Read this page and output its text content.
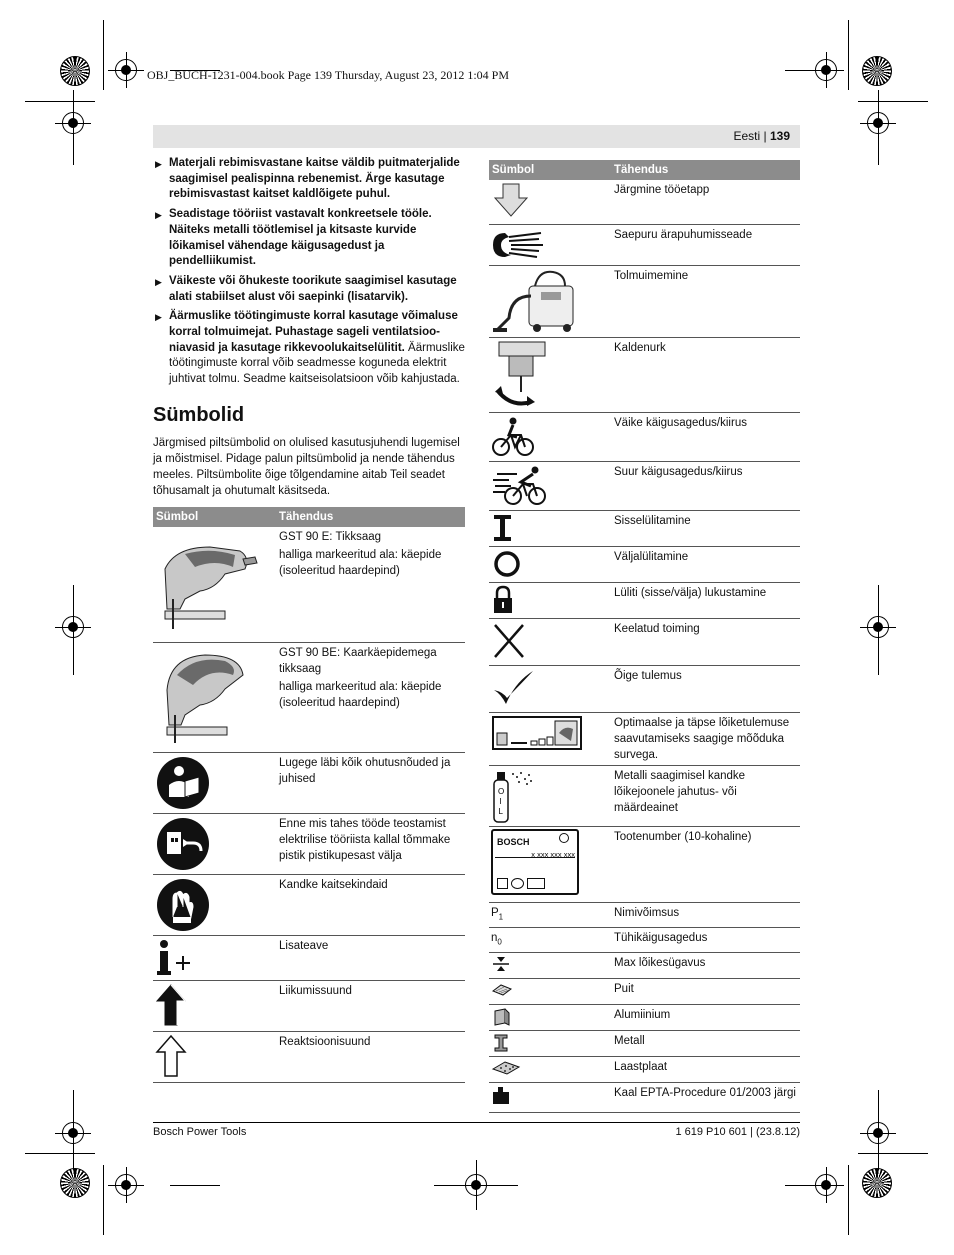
OBJ_BUCH-1231-004.book Page 139 Thursday, August 23, 2012 1:04 PM
Eesti | 139
▶ Materjali rebimisvastane kaitse väldib puitmaterjalide saagimisel pealispinna rebenemist. Ärge kasutage rebimisvastast kaitset kaldlõigete puhul.
▶ Seadistage tööriist vastavalt konkreetsele tööle. Näiteks metalli töötlemisel ja kitsaste kurvide lõikamisel vähendage käigusagedust ja pendelliikumist.
▶ Väikeste või õhukeste toorikute saagimisel kasutage alati stabiilset alust või saepinki (lisatarvik).
▶ Äärmuslike töötingimuste korral kasutage võimaluse korral tolmuimejat. Puhastage sageli ventilatsiooniavasid ja kasutage rikkevoolukaitselülitit. Äärmuslike töötingimuste korral võib seadmesse koguneda elektrit juhtivat tolmu. Seadme kaitseisolatsioon võib kahjustada.
Sümbolid
Järgmised piltsümbolid on olulised kasutusjuhendi lugemisel ja mõistmisel. Pidage palun piltsümbolid ja nende tähendus meeles. Piltsümbolite õige tõlgendamine aitab Teil seadet tõhusamalt ja ohutumalt käsitseda.
Sümbol	Tähendus

GST 90 E: Tikksaag
halliga markeeritud ala: käepide (isoleeritud haardepind)

GST 90 BE: Kaarkäepidemega tikksaag
halliga markeeritud ala: käepide (isoleeritud haardepind)

	Lugege läbi kõik ohutusnõuded ja juhised

	Enne mis tahes tööde teostamist elektrilise tööriista kallal tõmmake pistik pistikupesast välja

	Kandke kaitsekindaid

	Lisateave

	Liikumissuund

	Reaktsioonisuund
Sümbol	Tähendus

	Järgmine tööetapp

	Saepuru ärapuhumisseade

	Tolmuimemine

	Kaldenurk

	Väike käigusagedus/kiirus

	Suur käigusagedus/kiirus

	Sisselülitamine

	Väljalülitamine

	Lüliti (sisse/välja) lukustamine

	Keelatud toiming

	Õige tulemus

	Optimaalse ja täpse lõiketulemuse saavutamiseks saagige mõõduka survega.

O
I
L	Metalli saagimisel kandke lõikejoonele jahutus- või määrdeainet

BOSCH
x xxx xxx xxx	Tootenumber (10-kohaline)
$P_1$	Nimivõimsus
$n_0$	Tühikäigusagedus

	Max lõikesügavus

	Puit

	Alumiinium

	Metall

	Laastplaat

	Kaal EPTA-Procedure 01/2003 järgi
Bosch Power Tools	1 619 P10 601 | (23.8.12)
